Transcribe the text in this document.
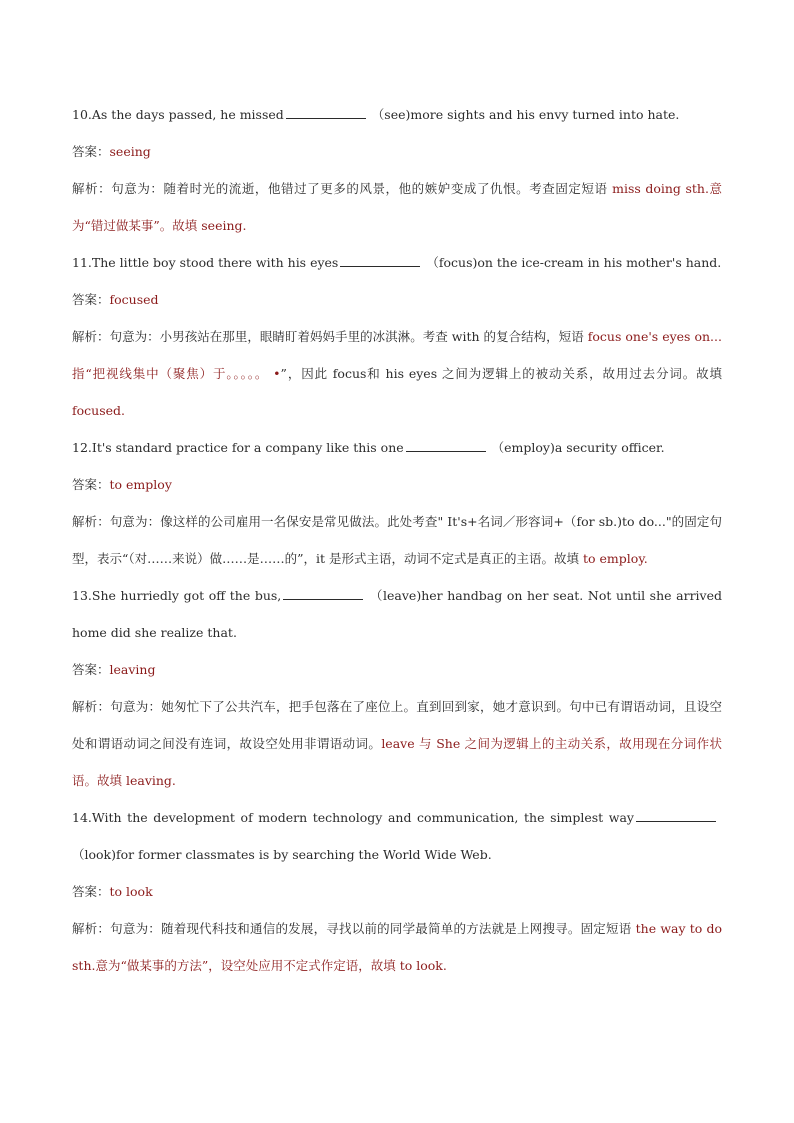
10.As the days passed, he missed	（see)more sights and his envy turned into hate.
答案：seeing
解析：句意为：随着时光的流逝，他错过了更多的风景，他的嫉妒变成了仇恨。考查固定短语 miss doing sth.意为“错过做某事”。故填 seeing.
11.The little boy stood there with his eyes	（focus)on the ice-cream in his mother's hand.
答案：focused
解析：句意为：小男孩站在那里，眼睛盯着妈妈手里的冰淇淋。考查 with 的复合结构，短语 focus one's eyes on...指“把视线集中（聚焦）于。。。。。 •”，因此 focus和 his eyes 之间为逻辑上的被动关系，故用过去分词。故填 focused.
12.It's standard practice for a company like this one	（employ)a security officer.
答案：to employ
解析：句意为：像这样的公司雇用一名保安是常见做法。此处考查" It's+名词／形容词+（for sb.)to do..."的固定句型，表示“（对……来说）做……是……的”，it 是形式主语，动词不定式是真正的主语。故填 to employ.
13.She hurriedly got off the bus,	（leave)her handbag on her seat. Not until she arrived home did she realize that.
答案：leaving
解析：句意为：她匆忙下了公共汽车，把手包落在了座位上。直到回到家，她才意识到。句中已有谓语动词，且设空处和谓语动词之间没有连词，故设空处用非谓语动词。leave 与 She 之间为逻辑上的主动关系，故用现在分词作状语。故填 leaving.
14.With the development of modern technology and communication, the simplest way（look)for former classmates is by searching the World Wide Web.
答案：to look
解析：句意为：随着现代科技和通信的发展，寻找以前的同学最简单的方法就是上网搜寻。固定短语 the way to do sth.意为“做某事的方法”，设空处应用不定式作定语，故填 to look.
